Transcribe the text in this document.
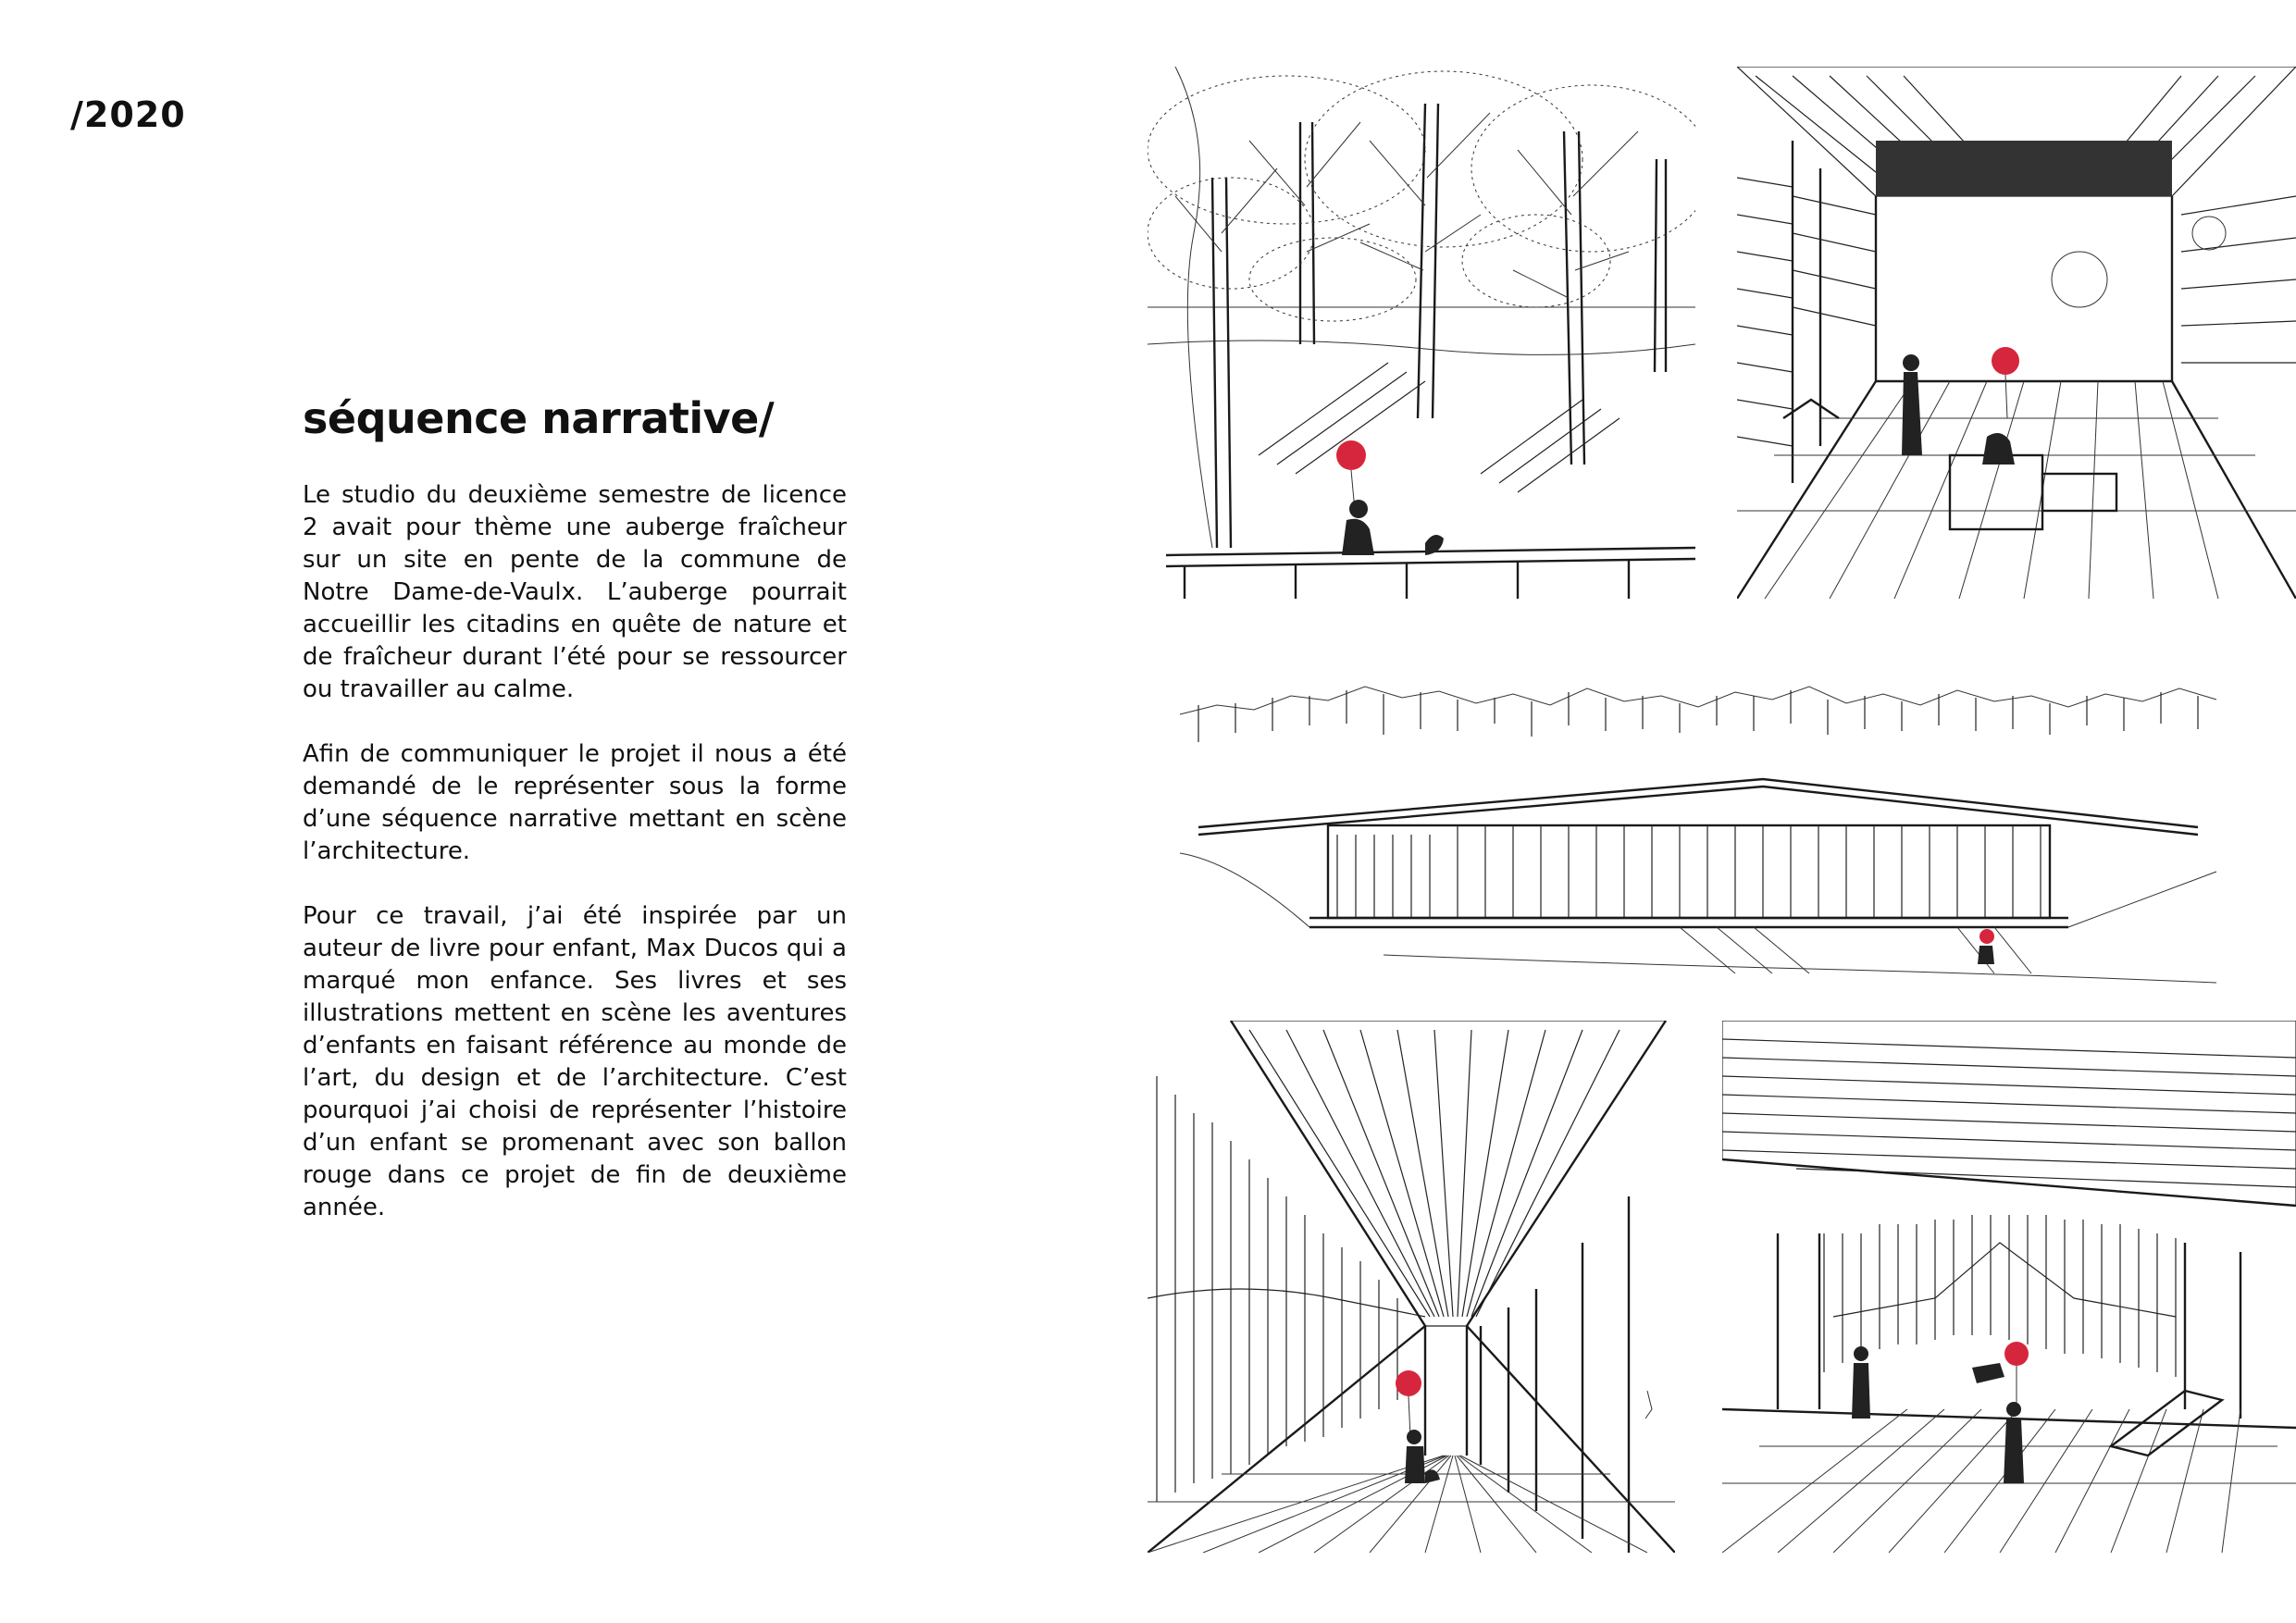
/2020
séquence narrative/

Le studio du deuxième semestre de licence 2 avait pour thème une auberge fraîcheur sur un site en pente de la commune de Notre Dame-de-Vaulx. L’auberge pourrait accueillir les citadins en quête de nature et de fraîcheur durant l’été pour se ressourcer ou travailler au calme.

Afin de communiquer le projet il nous a été demandé de le représenter sous la forme d’une séquence narrative mettant en scène l’architecture.

Pour ce travail, j’ai été inspirée par un auteur de livre pour enfant, Max Ducos qui a marqué mon enfance. Ses livres et ses illustrations mettent en scène les aventures d’enfants en faisant référence au monde de l’art, du design et de l’architecture. C’est pourquoi j’ai choisi de représenter l’histoire d’un enfant se promenant avec son ballon rouge dans ce projet de fin de deuxième année.
